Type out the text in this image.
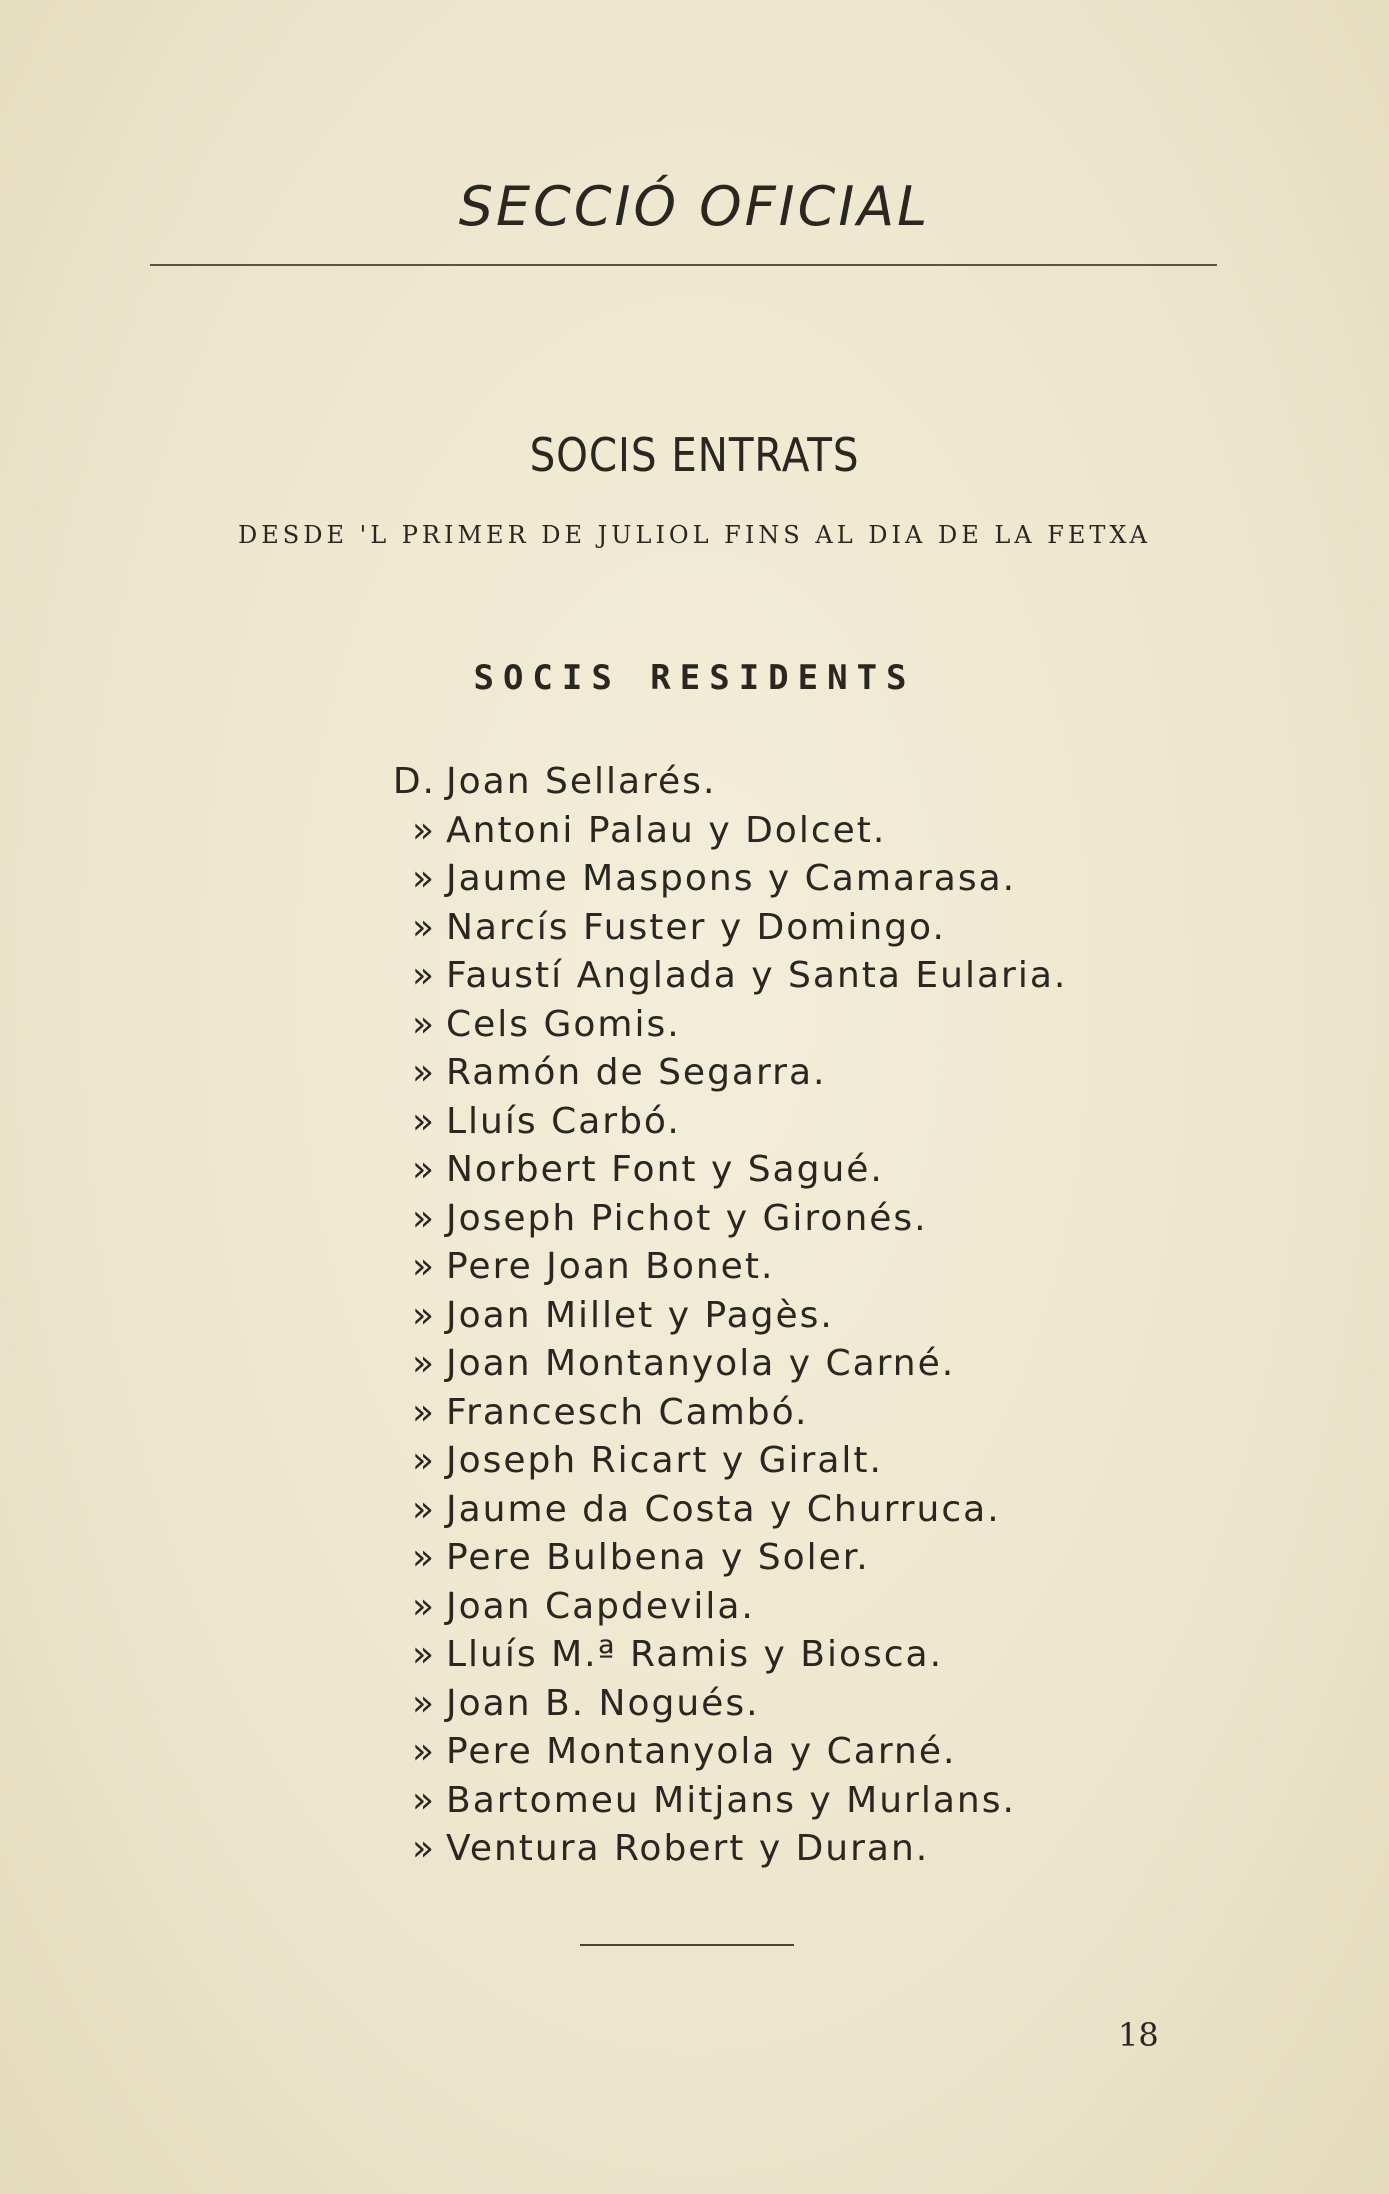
SECCIÓ OFICIAL
SOCIS ENTRATS
DESDE 'L PRIMER DE JULIOL FINS AL DIA DE LA FETXA
SOCIS RESIDENTS
D. Joan Sellarés.
» Antoni Palau y Dolcet.
» Jaume Maspons y Camarasa.
» Narcís Fuster y Domingo.
» Faustí Anglada y Santa Eularia.
» Cels Gomis.
» Ramón de Segarra.
» Lluís Carbó.
» Norbert Font y Sagué.
» Joseph Pichot y Gironés.
» Pere Joan Bonet.
» Joan Millet y Pagès.
» Joan Montanyola y Carné.
» Francesch Cambó.
» Joseph Ricart y Giralt.
» Jaume da Costa y Churruca.
» Pere Bulbena y Soler.
» Joan Capdevila.
» Lluís M.ª Ramis y Biosca.
» Joan B. Nogués.
» Pere Montanyola y Carné.
» Bartomeu Mitjans y Murlans.
» Ventura Robert y Duran.
18
